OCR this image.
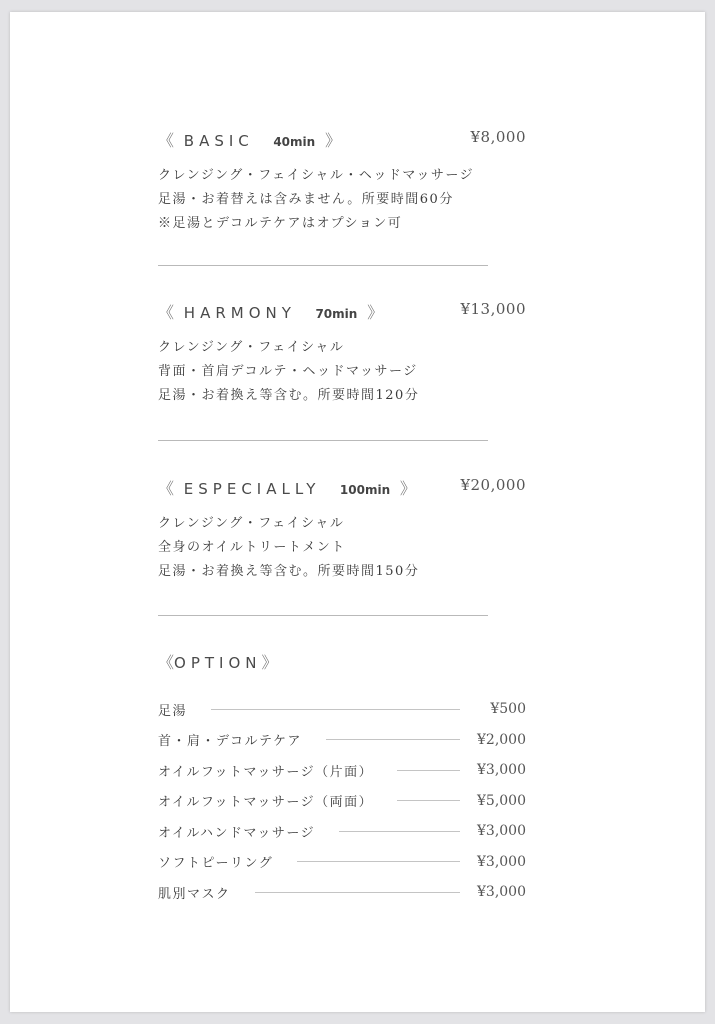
《 BASIC 40min 》	¥8,000
クレンジング・フェイシャル・ヘッドマッサージ
足湯・お着替えは含みません。所要時間60分
※足湯とデコルテケアはオプション可
《 HARMONY 70min 》	¥13,000
クレンジング・フェイシャル
背面・首肩デコルテ・ヘッドマッサージ
足湯・お着換え等含む。所要時間120分
《 ESPECIALLY 100min 》	¥20,000
クレンジング・フェイシャル
全身のオイルトリートメント
足湯・お着換え等含む。所要時間150分
《OPTION》
足湯	¥500
首・肩・デコルテケア	¥2,000
オイルフットマッサージ（片面）	¥3,000
オイルフットマッサージ（両面）	¥5,000
オイルハンドマッサージ	¥3,000
ソフトピーリング	¥3,000
肌別マスク	¥3,000
